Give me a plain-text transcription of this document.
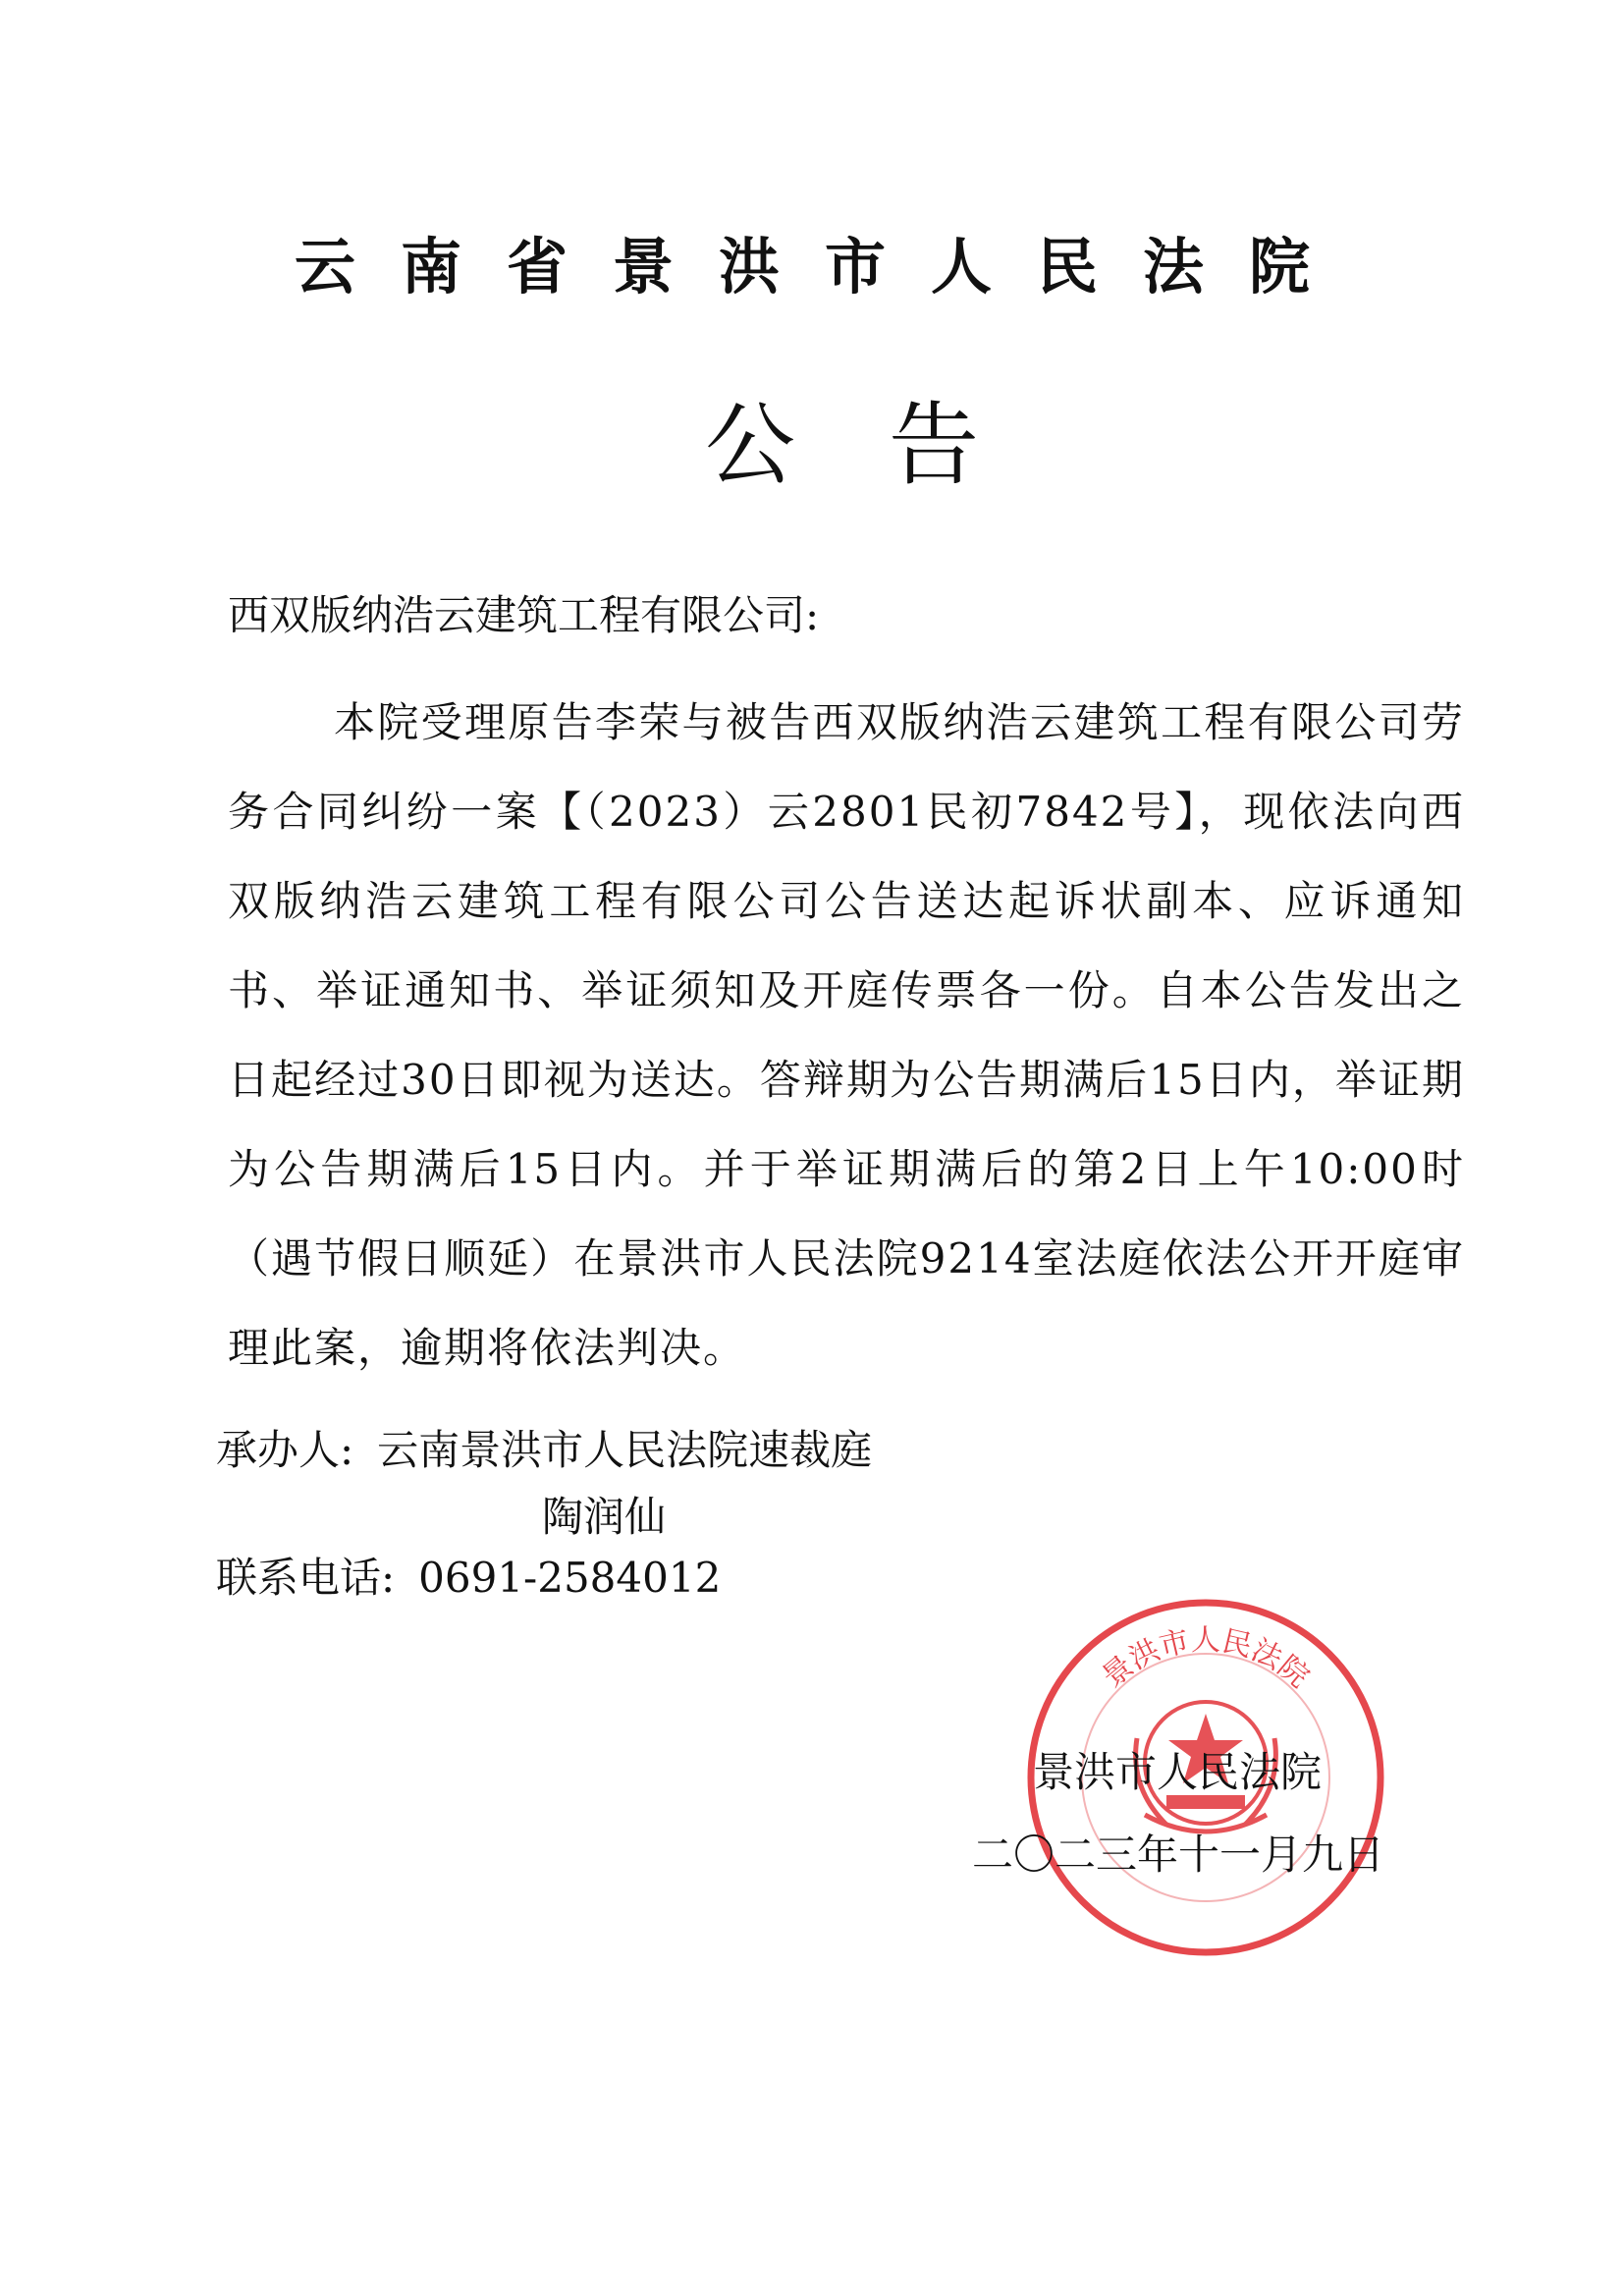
云南省景洪市人民法院
公告
西双版纳浩云建筑工程有限公司:
本院受理原告李荣与被告西双版纳浩云建筑工程有限公司劳务合同纠纷一案【（2023）云2801民初7842号】，现依法向西双版纳浩云建筑工程有限公司公告送达起诉状副本、应诉通知书、举证通知书、举证须知及开庭传票各一份。自本公告发出之日起经过30日即视为送达。答辩期为公告期满后15日内，举证期为公告期满后15日内。并于举证期满后的第2日上午10:00时（遇节假日顺延）在景洪市人民法院9214室法庭依法公开开庭审理此案，逾期将依法判决。
承办人: 云南景洪市人民法院速裁庭
陶润仙
联系电话: 0691-2584012
景洪市人民法院
景洪市人民法院
二〇二三年十一月九日
